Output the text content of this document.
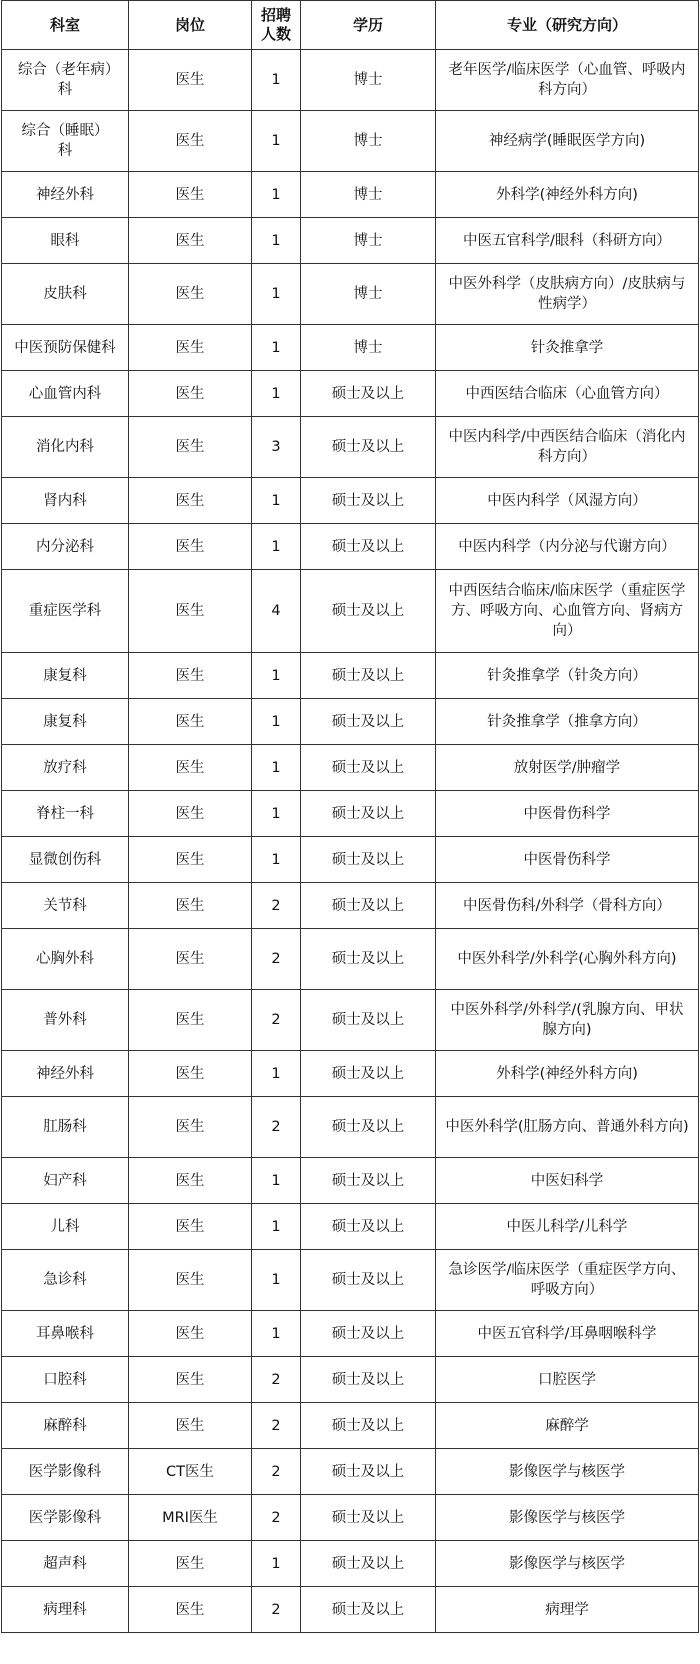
科室	岗位	招聘人数	学历	专业（研究方向）
综合（老年病）科	医生	1	博士	老年医学/临床医学（心血管、呼吸内科方向）
综合（睡眠）科	医生	1	博士	神经病学(睡眠医学方向)
神经外科	医生	1	博士	外科学(神经外科方向)
眼科	医生	1	博士	中医五官科学/眼科（科研方向）
皮肤科	医生	1	博士	中医外科学（皮肤病方向）/皮肤病与性病学）
中医预防保健科	医生	1	博士	针灸推拿学
心血管内科	医生	1	硕士及以上	中西医结合临床（心血管方向）
消化内科	医生	3	硕士及以上	中医内科学/中西医结合临床（消化内科方向）
肾内科	医生	1	硕士及以上	中医内科学（风湿方向）
内分泌科	医生	1	硕士及以上	中医内科学（内分泌与代谢方向）
重症医学科	医生	4	硕士及以上	中西医结合临床/临床医学（重症医学方、呼吸方向、心血管方向、肾病方向）
康复科	医生	1	硕士及以上	针灸推拿学（针灸方向）
康复科	医生	1	硕士及以上	针灸推拿学（推拿方向）
放疗科	医生	1	硕士及以上	放射医学/肿瘤学
脊柱一科	医生	1	硕士及以上	中医骨伤科学
显微创伤科	医生	1	硕士及以上	中医骨伤科学
关节科	医生	2	硕士及以上	中医骨伤科/外科学（骨科方向）
心胸外科	医生	2	硕士及以上	中医外科学/外科学(心胸外科方向)
普外科	医生	2	硕士及以上	中医外科学/外科学/(乳腺方向、甲状腺方向)
神经外科	医生	1	硕士及以上	外科学(神经外科方向)
肛肠科	医生	2	硕士及以上	中医外科学(肛肠方向、普通外科方向)
妇产科	医生	1	硕士及以上	中医妇科学
儿科	医生	1	硕士及以上	中医儿科学/儿科学
急诊科	医生	1	硕士及以上	急诊医学/临床医学（重症医学方向、呼吸方向）
耳鼻喉科	医生	1	硕士及以上	中医五官科学/耳鼻咽喉科学
口腔科	医生	2	硕士及以上	口腔医学
麻醉科	医生	2	硕士及以上	麻醉学
医学影像科	CT医生	2	硕士及以上	影像医学与核医学
医学影像科	MRI医生	2	硕士及以上	影像医学与核医学
超声科	医生	1	硕士及以上	影像医学与核医学
病理科	医生	2	硕士及以上	病理学
